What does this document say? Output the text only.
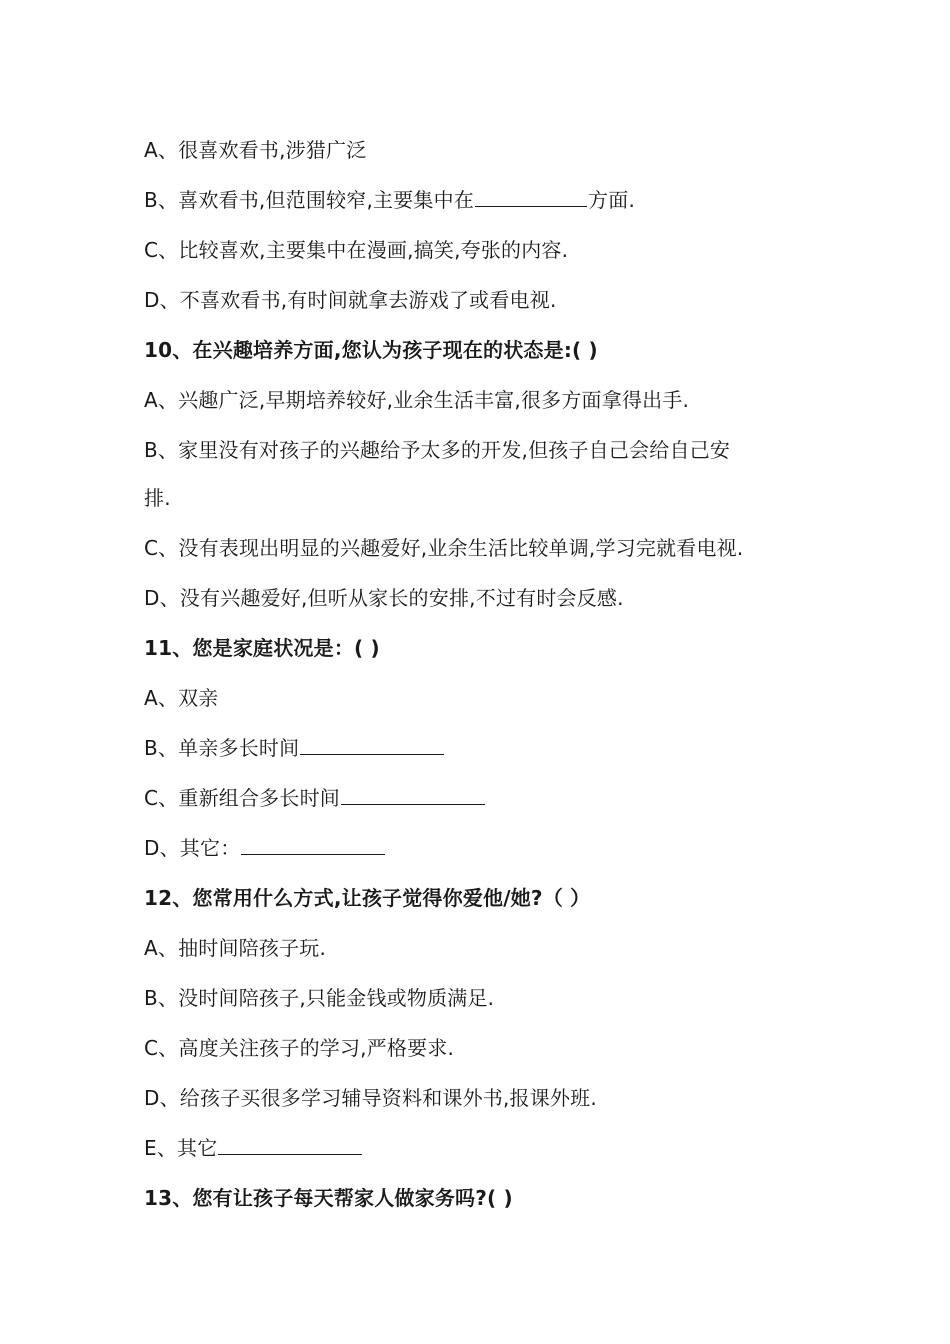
A、很喜欢看书,涉猎广泛
B、喜欢看书,但范围较窄,主要集中在	方面.
C、比较喜欢,主要集中在漫画,搞笑,夸张的内容.
D、不喜欢看书,有时间就拿去游戏了或看电视.
10、在兴趣培养方面,您认为孩子现在的状态是:( )
A、兴趣广泛,早期培养较好,业余生活丰富,很多方面拿得出手.
B、家里没有对孩子的兴趣给予太多的开发,但孩子自己会给自己安
排.
C、没有表现出明显的兴趣爱好,业余生活比较单调,学习完就看电视.
D、没有兴趣爱好,但听从家长的安排,不过有时会反感.
11、您是家庭状况是：( )
A、双亲
B、单亲多长时间
C、重新组合多长时间
D、其它：
12、您常用什么方式,让孩子觉得你爱他/她?（ ）
A、抽时间陪孩子玩.
B、没时间陪孩子,只能金钱或物质满足.
C、高度关注孩子的学习,严格要求.
D、给孩子买很多学习辅导资料和课外书,报课外班.
E、其它
13、您有让孩子每天帮家人做家务吗?( )
